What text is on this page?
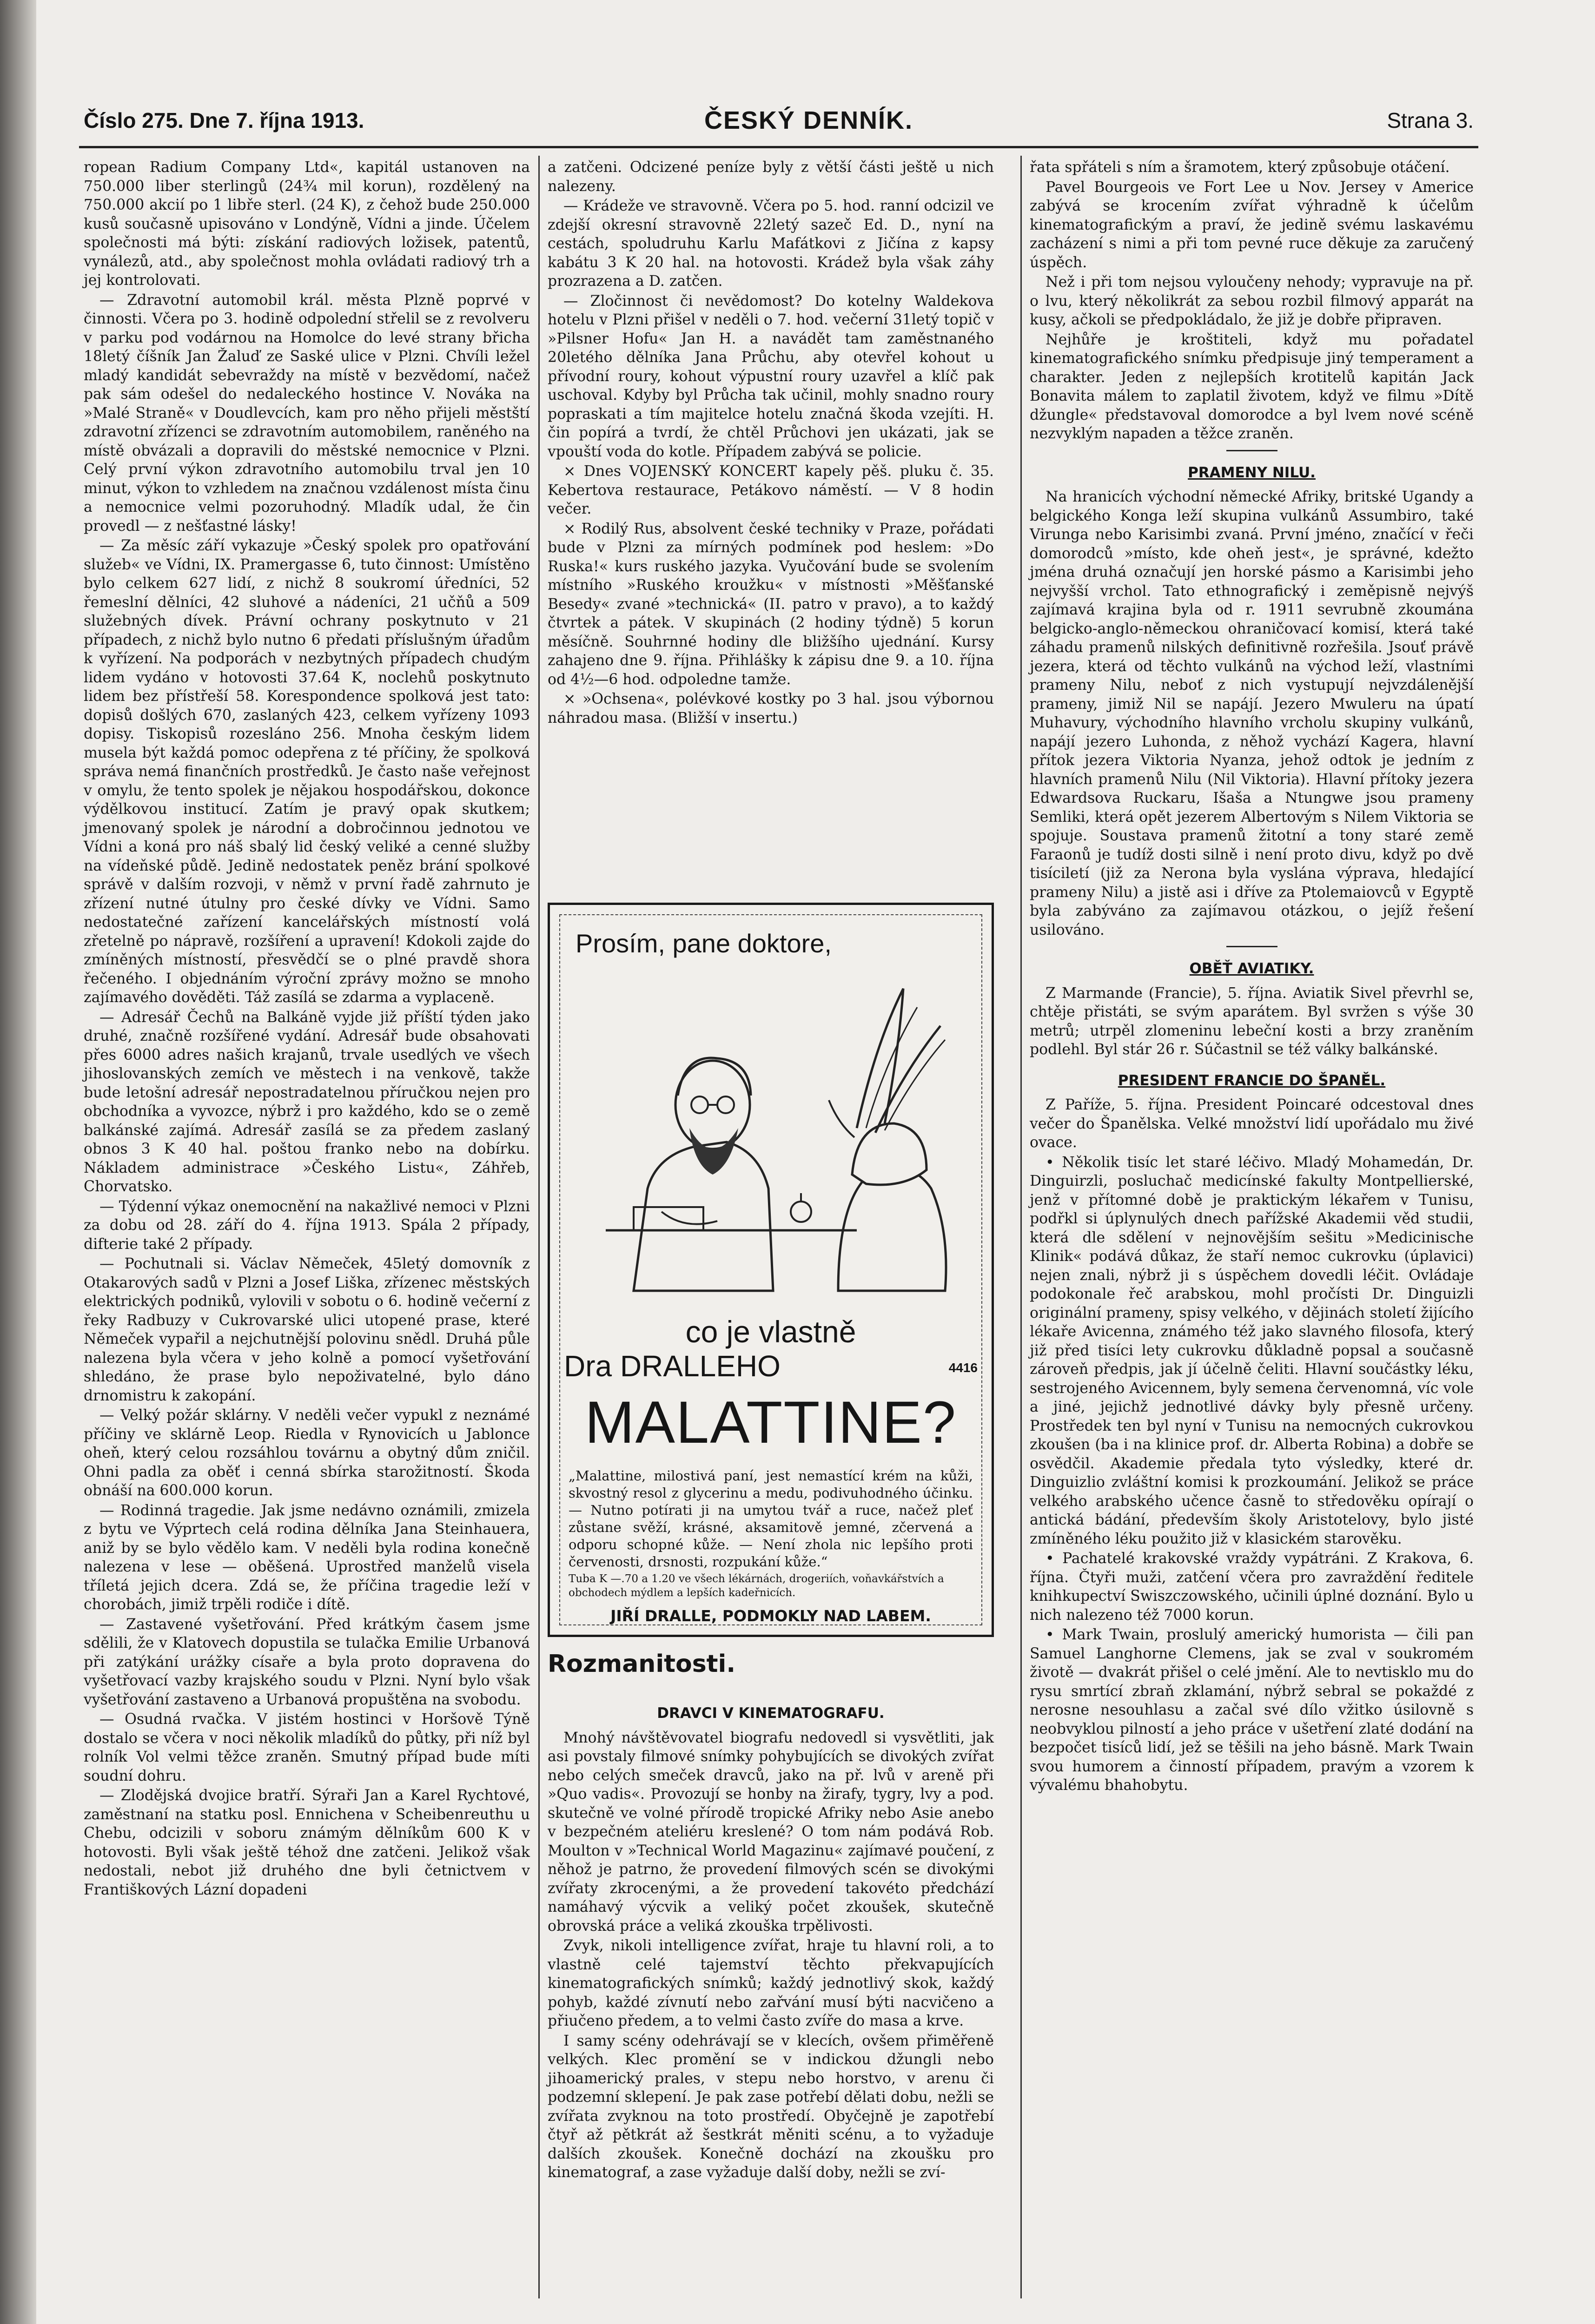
Číslo 275. Dne 7. října 1913.	ČESKÝ DENNÍK.	Strana 3.

ropean Radium Company Ltd«, kapitál ustanoven na 750.000 liber sterlingů (24¾ mil korun), rozdělený na 750.000 akcií po 1 libře sterl. (24 K), z čehož bude 250.000 kusů současně upisováno v Londýně, Vídni a jinde. Účelem společnosti má býti: získání radiových ložisek, patentů, vynálezů, atd., aby společnost mohla ovládati radiový trh a jej kontrolovati.

— Zdravotní automobil král. města Plzně poprvé v činnosti. Včera po 3. hodině odpolední střelil se z revolveru v parku pod vodárnou na Homolce do levé strany břicha 18letý číšník Jan Žaluď ze Saské ulice v Plzni. Chvíli ležel mladý kandidát sebevraždy na místě v bezvědomí, načež pak sám odešel do nedaleckého hostince V. Nováka na »Malé Straně« v Doudlevcích, kam pro něho přijeli městští zdravotní zřízenci se zdravotním automobilem, raněného na místě obvázali a dopravili do městské nemocnice v Plzni. Celý první výkon zdravotního automobilu trval jen 10 minut, výkon to vzhledem na značnou vzdálenost místa činu a nemocnice velmi pozoruhodný. Mladík udal, že čin provedl — z nešťastné lásky!

— Za měsíc září vykazuje »Český spolek pro opatřování služeb« ve Vídni, IX. Pramergasse 6, tuto činnost: Umístěno bylo celkem 627 lidí, z nichž 8 soukromí úředníci, 52 řemeslní dělníci, 42 sluhové a nádeníci, 21 učňů a 509 služebných dívek. Právní ochrany poskytnuto v 21 případech, z nichž bylo nutno 6 předati příslušným úřadům k vyřízení. Na podporách v nezbytných případech chudým lidem vydáno v hotovosti 37.64 K, noclehů poskytnuto lidem bez přístřeší 58. Korespondence spolková jest tato: dopisů došlých 670, zaslaných 423, celkem vyřízeny 1093 dopisy. Tiskopisů rozesláno 256. Mnoha českým lidem musela být každá pomoc odepřena z té příčiny, že spolková správa nemá finančních prostředků. Je často naše veřejnost v omylu, že tento spolek je nějakou hospodářskou, dokonce výdělkovou institucí. Zatím je pravý opak skutkem; jmenovaný spolek je národní a dobročinnou jednotou ve Vídni a koná pro náš sbalý lid český veliké a cenné služby na vídeňské půdě. Jedině nedostatek peněz brání spolkové správě v dalším rozvoji, v němž v první řadě zahrnuto je zřízení nutné útulny pro české dívky ve Vídni. Samo nedostatečné zařízení kancelářských místností volá zřetelně po nápravě, rozšíření a upravení! Kdokoli zajde do zmíněných místností, přesvědčí se o plné pravdě shora řečeného. I objednáním výroční zprávy možno se mnoho zajímavého dověděti. Táž zasílá se zdarma a vyplaceně.

— Adresář Čechů na Balkáně vyjde již příští týden jako druhé, značně rozšířené vydání. Adresář bude obsahovati přes 6000 adres našich krajanů, trvale usedlých ve všech jihoslovanských zemích ve městech i na venkově, takže bude letošní adresář nepostradatelnou příručkou nejen pro obchodníka a vyvozce, nýbrž i pro každého, kdo se o země balkánské zajímá. Adresář zasílá se za předem zaslaný obnos 3 K 40 hal. poštou franko nebo na dobírku. Nákladem administrace »Českého Listu«, Záhřeb, Chorvatsko.

— Týdenní výkaz onemocnění na nakažlivé nemoci v Plzni za dobu od 28. září do 4. října 1913. Spála 2 případy, difterie také 2 případy.

— Pochutnali si. Václav Němeček, 45letý domovník z Otakarových sadů v Plzni a Josef Liška, zřízenec městských elektrických podniků, vylovili v sobotu o 6. hodině večerní z řeky Radbuzy v Cukrovarské ulici utopené prase, které Němeček vypařil a nejchutnější polovinu snědl. Druhá půle nalezena byla včera v jeho kolně a pomocí vyšetřování shledáno, že prase bylo nepoživatelné, bylo dáno drnomistru k zakopání.

— Velký požár sklárny. V neděli večer vypukl z neznámé příčiny ve sklárně Leop. Riedla v Rynovicích u Jablonce oheň, který celou rozsáhlou továrnu a obytný dům zničil. Ohni padla za oběť i cenná sbírka starožitností. Škoda obnáší na 600.000 korun.

— Rodinná tragedie. Jak jsme nedávno oznámili, zmizela z bytu ve Výprtech celá rodina dělníka Jana Steinhauera, aniž by se bylo vědělo kam. V neděli byla rodina konečně nalezena v lese — oběšená. Uprostřed manželů visela tříletá jejich dcera. Zdá se, že příčina tragedie leží v chorobách, jimiž trpěli rodiče i dítě.

— Zastavené vyšetřování. Před krátkým časem jsme sdělili, že v Klatovech dopustila se tulačka Emilie Urbanová při zatýkání urážky císaře a byla proto dopravena do vyšetřovací vazby krajského soudu v Plzni. Nyní bylo však vyšetřování zastaveno a Urbanová propuštěna na svobodu.

— Osudná rvačka. V jistém hostinci v Horšově Týně dostalo se včera v noci několik mladíků do půtky, při níž byl rolník Vol velmi těžce zraněn. Smutný případ bude míti soudní dohru.

— Zlodějská dvojice bratří. Sýraři Jan a Karel Rychtové, zaměstnaní na statku posl. Ennichena v Scheibenreuthu u Chebu, odcizili v soboru známým dělníkům 600 K v hotovosti. Byli však ještě téhož dne zatčeni. Jelikož však nedostali, nebot již druhého dne byli četnictvem v Františkových Lázní dopadeni

a zatčeni. Odcizené peníze byly z větší části ještě u nich nalezeny.

— Krádeže ve stravovně. Včera po 5. hod. ranní odcizil ve zdejší okresní stravovně 22letý sazeč Ed. D., nyní na cestách, spoludruhu Karlu Mafátkovi z Jičína z kapsy kabátu 3 K 20 hal. na hotovosti. Krádež byla však záhy prozrazena a D. zatčen.

— Zločinnost či nevědomost? Do kotelny Waldekova hotelu v Plzni přišel v neděli o 7. hod. večerní 31letý topič v »Pilsner Hofu« Jan H. a navádět tam zaměstnaného 20letého dělníka Jana Průchu, aby otevřel kohout u přívodní roury, kohout výpustní roury uzavřel a klíč pak uschoval. Kdyby byl Průcha tak učinil, mohly snadno roury popraskati a tím majitelce hotelu značná škoda vzejíti. H. čin popírá a tvrdí, že chtěl Průchovi jen ukázati, jak se vpouští voda do kotle. Případem zabývá se policie.

× Dnes VOJENSKÝ KONCERT kapely pěš. pluku č. 35. Kebertova restaurace, Petákovo náměstí. — V 8 hodin večer.

× Rodilý Rus, absolvent české techniky v Praze, pořádati bude v Plzni za mírných podmínek pod heslem: »Do Ruska!« kurs ruského jazyka. Vyučování bude se svolením místního »Ruského kroužku« v místnosti »Měšťanské Besedy« zvané »technická« (II. patro v pravo), a to každý čtvrtek a pátek. V skupinách (2 hodiny týdně) 5 korun měsíčně. Souhrnné hodiny dle bližšího ujednání. Kursy zahajeno dne 9. října. Přihlášky k zápisu dne 9. a 10. října od 4½—6 hod. odpoledne tamže.

× »Ochsena«, polévkové kostky po 3 hal. jsou výbornou náhradou masa. (Bližší v insertu.)

Prosím, pane doktore,
co je vlastně
Dra DRALLEHO	4416
MALATTINE?
„Malattine, milostivá paní, jest nemastící krém na kůži, skvostný resol z glycerinu a medu, podivuhodného účinku. — Nutno potírati ji na umytou tvář a ruce, načež pleť zůstane svěží, krásné, aksamitově jemné, zčervená a odporu schopné kůže. — Není zhola nic lepšího proti červenosti, drsnosti, rozpukání kůže.“
Tuba K —.70 a 1.20 ve všech lékárnách, drogeriích, voňavkářstvích a obchodech mýdlem a lepších kadeřnicích.
JIŘÍ DRALLE, PODMOKLY NAD LABEM.
Rozmanitosti.
DRAVCI V KINEMATOGRAFU.

Mnohý návštěvovatel biografu nedovedl si vysvětliti, jak asi povstaly filmové snímky pohybujících se divokých zvířat nebo celých smeček dravců, jako na př. lvů v areně při »Quo vadis«. Provozují se honby na žirafy, tygry, lvy a pod. skutečně ve volné přírodě tropické Afriky nebo Asie anebo v bezpečném ateliéru kreslené? O tom nám podává Rob. Moulton v »Technical World Magazinu« zajímavé poučení, z něhož je patrno, že provedení filmových scén se divokými zvířaty zkrocenými, a že provedení takovéto předchází namáhavý výcvik a veliký počet zkoušek, skutečně obrovská práce a veliká zkouška trpělivosti.

Zvyk, nikoli intelligence zvířat, hraje tu hlavní roli, a to vlastně celé tajemství těchto překvapujících kinematografických snímků; každý jednotlivý skok, každý pohyb, každé zívnutí nebo zařvání musí býti nacvičeno a přiučeno předem, a to velmi často zvíře do masa a krve.

I samy scény odehrávají se v klecích, ovšem přiměřeně velkých. Klec promění se v indickou džungli nebo jihoamerický prales, v stepu nebo horstvo, v arenu či podzemní sklepení. Je pak zase potřebí dělati dobu, nežli se zvířata zvyknou na toto prostředí. Obyčejně je zapotřebí čtyř až pětkrát až šestkrát měniti scénu, a to vyžaduje dalších zkoušek. Konečně dochází na zkoušku pro kinematograf, a zase vyžaduje další doby, nežli se zví-

řata spřáteli s ním a šramotem, který způsobuje otáčení.

Pavel Bourgeois ve Fort Lee u Nov. Jersey v Americe zabývá se krocením zvířat výhradně k účelům kinematografickým a praví, že jedině svému laskavému zacházení s nimi a při tom pevné ruce děkuje za zaručený úspěch.

Než i při tom nejsou vyloučeny nehody; vypravuje na př. o lvu, který několikrát za sebou rozbil filmový apparát na kusy, ačkoli se předpokládalo, že již je dobře připraven.

Nejhůře je kroštiteli, když mu pořadatel kinematografického snímku předpisuje jiný temperament a charakter. Jeden z nejlepších krotitelů kapitán Jack Bonavita málem to zaplatil životem, když ve filmu »Dítě džungle« představoval domorodce a byl lvem nové scéně nezvyklým napaden a těžce zraněn.

PRAMENY NILU.

Na hranicích východní německé Afriky, britské Ugandy a belgického Konga leží skupina vulkánů Assumbiro, také Virunga nebo Karisimbi zvaná. První jméno, značící v řeči domorodců »místo, kde oheň jest«, je správné, kdežto jména druhá označují jen horské pásmo a Karisimbi jeho nejvyšší vrchol. Tato ethnografický i zeměpisně nejvýš zajímavá krajina byla od r. 1911 sevrubně zkoumána belgicko-anglo-německou ohraničovací komisí, která také záhadu pramenů nilských definitivně rozřešila. Jsouť právě jezera, která od těchto vulkánů na východ leží, vlastními prameny Nilu, neboť z nich vystupují nejvzdálenější prameny, jimiž Nil se napájí. Jezero Mwuleru na úpatí Muhavury, východního hlavního vrcholu skupiny vulkánů, napájí jezero Luhonda, z něhož vychází Kagera, hlavní přítok jezera Viktoria Nyanza, jehož odtok je jedním z hlavních pramenů Nilu (Nil Viktoria). Hlavní přítoky jezera Edwardsova Ruckaru, Išaša a Ntungwe jsou prameny Semliki, která opět jezerem Albertovým s Nilem Viktoria se spojuje. Soustava pramenů žitotní a tony staré země Faraonů je tudíž dosti silně i není proto divu, když po dvě tisíciletí (již za Nerona byla vyslána výprava, hledající prameny Nilu) a jistě asi i dříve za Ptolemaiovců v Egyptě byla zabýváno za zajímavou otázkou, o jejíž řešení usilováno.

OBĚŤ AVIATIKY.

Z Marmande (Francie), 5. října. Aviatik Sivel převrhl se, chtěje přistáti, se svým aparátem. Byl svržen s výše 30 metrů; utrpěl zlomeninu lebeční kosti a brzy zraněním podlehl. Byl stár 26 r. Súčastnil se též války balkánské.

PRESIDENT FRANCIE DO ŠPANĚL.

Z Paříže, 5. října. President Poincaré odcestoval dnes večer do Španělska. Velké množství lidí upořádalo mu živé ovace.

• Několik tisíc let staré léčivo. Mladý Mohamedán, Dr. Dinguirzli, posluchač medicínské fakulty Montpellierské, jenž v přítomné době je praktickým lékařem v Tunisu, podřkl si úplynulých dnech pařížské Akademii věd studii, která dle sdělení v nejnovějším sešitu »Medicinische Klinik« podává důkaz, že staří nemoc cukrovku (úplavici) nejen znali, nýbrž ji s úspěchem dovedli léčit. Ovládaje podokonale řeč arabskou, mohl pročísti Dr. Dinguizli originální prameny, spisy velkého, v dějinách století žijícího lékaře Avicenna, známého též jako slavného filosofa, který již před tisíci lety cukrovku důkladně popsal a současně zároveň předpis, jak jí účelně čeliti. Hlavní součástky léku, sestrojeného Avicennem, byly semena červenomná, víc vole a jiné, jejichž jednotlivé dávky byly přesně určeny. Prostředek ten byl nyní v Tunisu na nemocných cukrovkou zkoušen (ba i na klinice prof. dr. Alberta Robina) a dobře se osvědčil. Akademie předala tyto výsledky, které dr. Dinguizlio zvláštní komisi k prozkoumání. Jelikož se práce velkého arabského učence časně to středověku opírají o antická bádání, především školy Aristotelovy, bylo jisté zmíněného léku použito již v klasickém starověku.

• Pachatelé krakovské vraždy vypátráni. Z Krakova, 6. října. Čtyři muži, zatčení včera pro zavraždění ředitele knihkupectví Swiszczowského, učinili úplné doznání. Bylo u nich nalezeno též 7000 korun.

• Mark Twain, proslulý americký humorista — čili pan Samuel Langhorne Clemens, jak se zval v soukromém životě — dvakrát přišel o celé jmění. Ale to nevtisklo mu do rysu smrtící zbraň zklamání, nýbrž sebral se pokaždé z nerosne nesouhlasu a začal své dílo vžitko úsilovně s neobvyklou pilností a jeho práce v ušetření zlaté dodání na bezpočet tisíců lidí, jež se těšili na jeho básně. Mark Twain svou humorem a činností případem, pravým a vzorem k vývalému bhahobytu.
